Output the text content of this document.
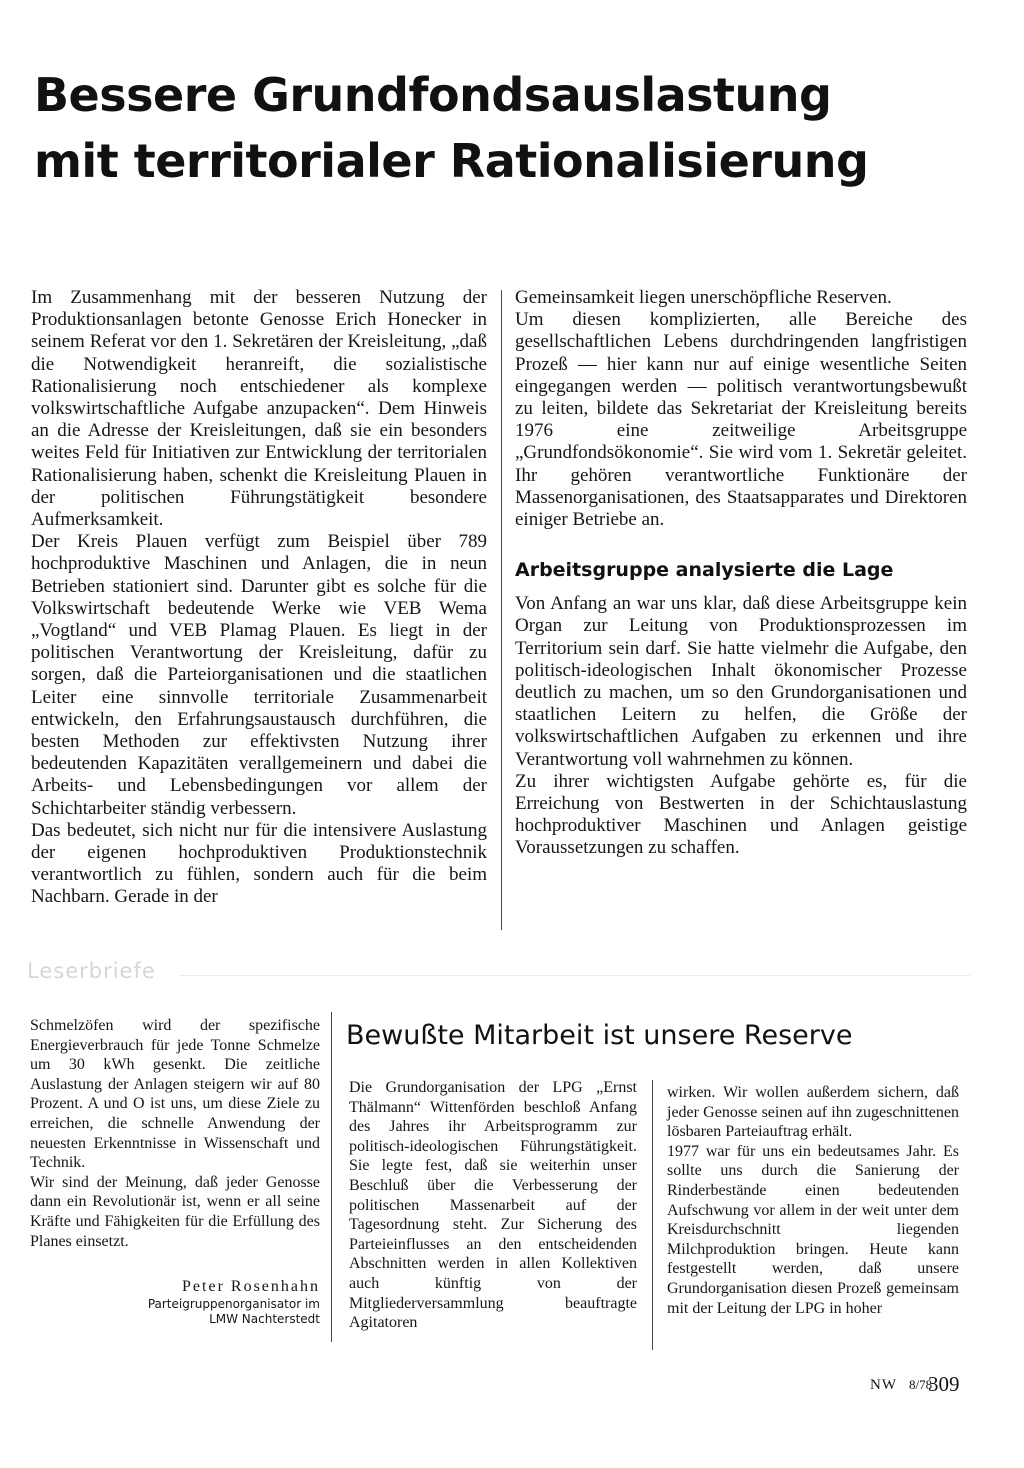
Bessere Grundfondsauslastung
mit territorialer Rationalisierung

Im Zusammenhang mit der besseren Nutzung der Produktionsanlagen betonte Genosse Erich Honecker in seinem Referat vor den 1. Sekretären der Kreisleitung, „daß die Notwendigkeit heranreift, die sozialistische Rationalisierung noch entschiedener als komplexe volkswirtschaftliche Aufgabe anzupacken“. Dem Hinweis an die Adresse der Kreisleitungen, daß sie ein besonders weites Feld für Initiativen zur Entwicklung der territorialen Rationalisierung haben, schenkt die Kreisleitung Plauen in der politischen Führungstätigkeit besondere Aufmerksamkeit.

Der Kreis Plauen verfügt zum Beispiel über 789 hochproduktive Maschinen und Anlagen, die in neun Betrieben stationiert sind. Darunter gibt es solche für die Volkswirtschaft bedeutende Werke wie VEB Wema „Vogtland“ und VEB Plamag Plauen. Es liegt in der politischen Verantwortung der Kreisleitung, dafür zu sorgen, daß die Parteiorganisationen und die staatlichen Leiter eine sinnvolle territoriale Zusammenarbeit entwickeln, den Erfahrungsaustausch durchführen, die besten Methoden zur effektivsten Nutzung ihrer bedeutenden Kapazitäten verallgemeinern und dabei die Arbeits- und Lebensbedingungen vor allem der Schichtarbeiter ständig verbessern.

Das bedeutet, sich nicht nur für die intensivere Auslastung der eigenen hochproduktiven Produktionstechnik verantwortlich zu fühlen, sondern auch für die beim Nachbarn. Gerade in der

Gemeinsamkeit liegen unerschöpfliche Reserven.

Um diesen komplizierten, alle Bereiche des gesellschaftlichen Lebens durchdringenden langfristigen Prozeß — hier kann nur auf einige wesentliche Seiten eingegangen werden — politisch verantwortungsbewußt zu leiten, bildete das Sekretariat der Kreisleitung bereits 1976 eine zeitweilige Arbeitsgruppe „Grundfondsökonomie“. Sie wird vom 1. Sekretär geleitet. Ihr gehören verantwortliche Funktionäre der Massenorganisationen, des Staatsapparates und Direktoren einiger Betriebe an.

Arbeitsgruppe analysierte die Lage

Von Anfang an war uns klar, daß diese Arbeitsgruppe kein Organ zur Leitung von Produktionsprozessen im Territorium sein darf. Sie hatte vielmehr die Aufgabe, den politisch-ideologischen Inhalt ökonomischer Prozesse deutlich zu machen, um so den Grundorganisationen und staatlichen Leitern zu helfen, die Größe der volkswirtschaftlichen Aufgaben zu erkennen und ihre Verantwortung voll wahrnehmen zu können.

Zu ihrer wichtigsten Aufgabe gehörte es, für die Erreichung von Bestwerten in der Schichtauslastung hochproduktiver Maschinen und Anlagen geistige Voraussetzungen zu schaffen.

Leserbriefe

Schmelzöfen wird der spezifische Energieverbrauch für jede Tonne Schmelze um 30 kWh gesenkt. Die zeitliche Auslastung der Anlagen steigern wir auf 80 Prozent. A und O ist uns, um diese Ziele zu erreichen, die schnelle Anwendung der neuesten Erkenntnisse in Wissenschaft und Technik.

Wir sind der Meinung, daß jeder Genosse dann ein Revolutionär ist, wenn er all seine Kräfte und Fähigkeiten für die Erfüllung des Planes einsetzt.

Peter Rosenhahn
Parteigruppenorganisator im
LMW Nachterstedt
Bewußte Mitarbeit ist unsere Reserve

Die Grundorganisation der LPG „Ernst Thälmann“ Wittenförden beschloß Anfang des Jahres ihr Arbeitsprogramm zur politisch-ideologischen Führungstätigkeit. Sie legte fest, daß sie weiterhin unser Beschluß über die Verbesserung der politischen Massenarbeit auf der Tagesordnung steht. Zur Sicherung des Parteieinflusses an den entscheidenden Abschnitten werden in allen Kollektiven auch künftig von der Mitgliederversammlung beauftragte Agitatoren

wirken. Wir wollen außerdem sichern, daß jeder Genosse seinen auf ihn zugeschnittenen lösbaren Parteiauftrag erhält.

1977 war für uns ein bedeutsames Jahr. Es sollte uns durch die Sanierung der Rinderbestände einen bedeutenden Aufschwung vor allem in der weit unter dem Kreisdurchschnitt liegenden Milchproduktion bringen. Heute kann festgestellt werden, daß unsere Grundorganisation diesen Prozeß gemeinsam mit der Leitung der LPG in hoher

NW 8/78
309
